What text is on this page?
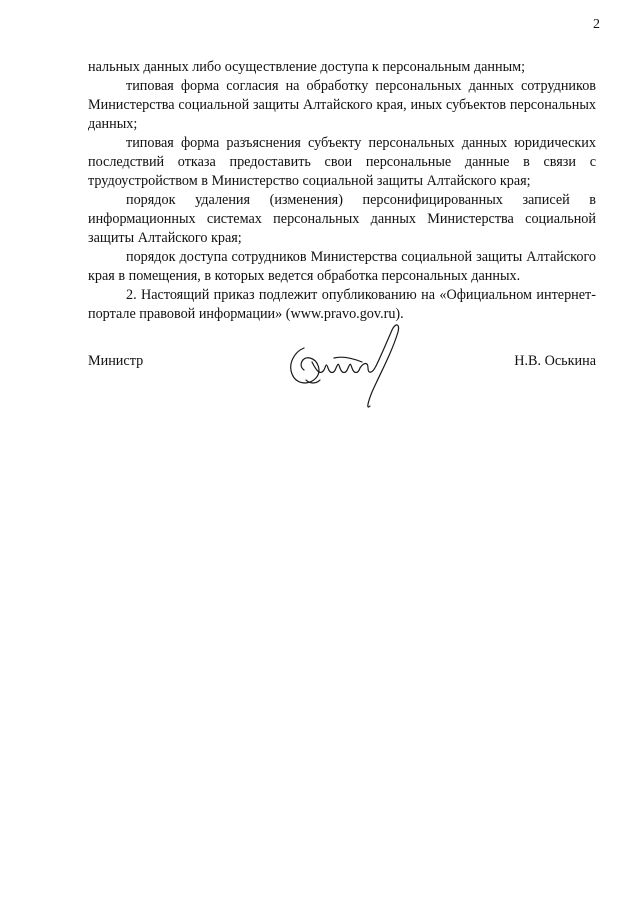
2

нальных данных либо осуществление доступа к персональным данным;

типовая форма согласия на обработку персональных данных сотрудников Министерства социальной защиты Алтайского края, иных субъектов персональных данных;

типовая форма разъяснения субъекту персональных данных юридических последствий отказа предоставить свои персональные данные в связи с трудоустройством в Министерство социальной защиты Алтайского края;

порядок удаления (изменения) персонифицированных записей в информационных системах персональных данных Министерства социальной защиты Алтайского края;

порядок доступа сотрудников Министерства социальной защиты Алтайского края в помещения, в которых ведется обработка персональных данных.

2. Настоящий приказ подлежит опубликованию на «Официальном интернет-портале правовой информации» (www.pravo.gov.ru).

Министр	Н.В. Оськина
